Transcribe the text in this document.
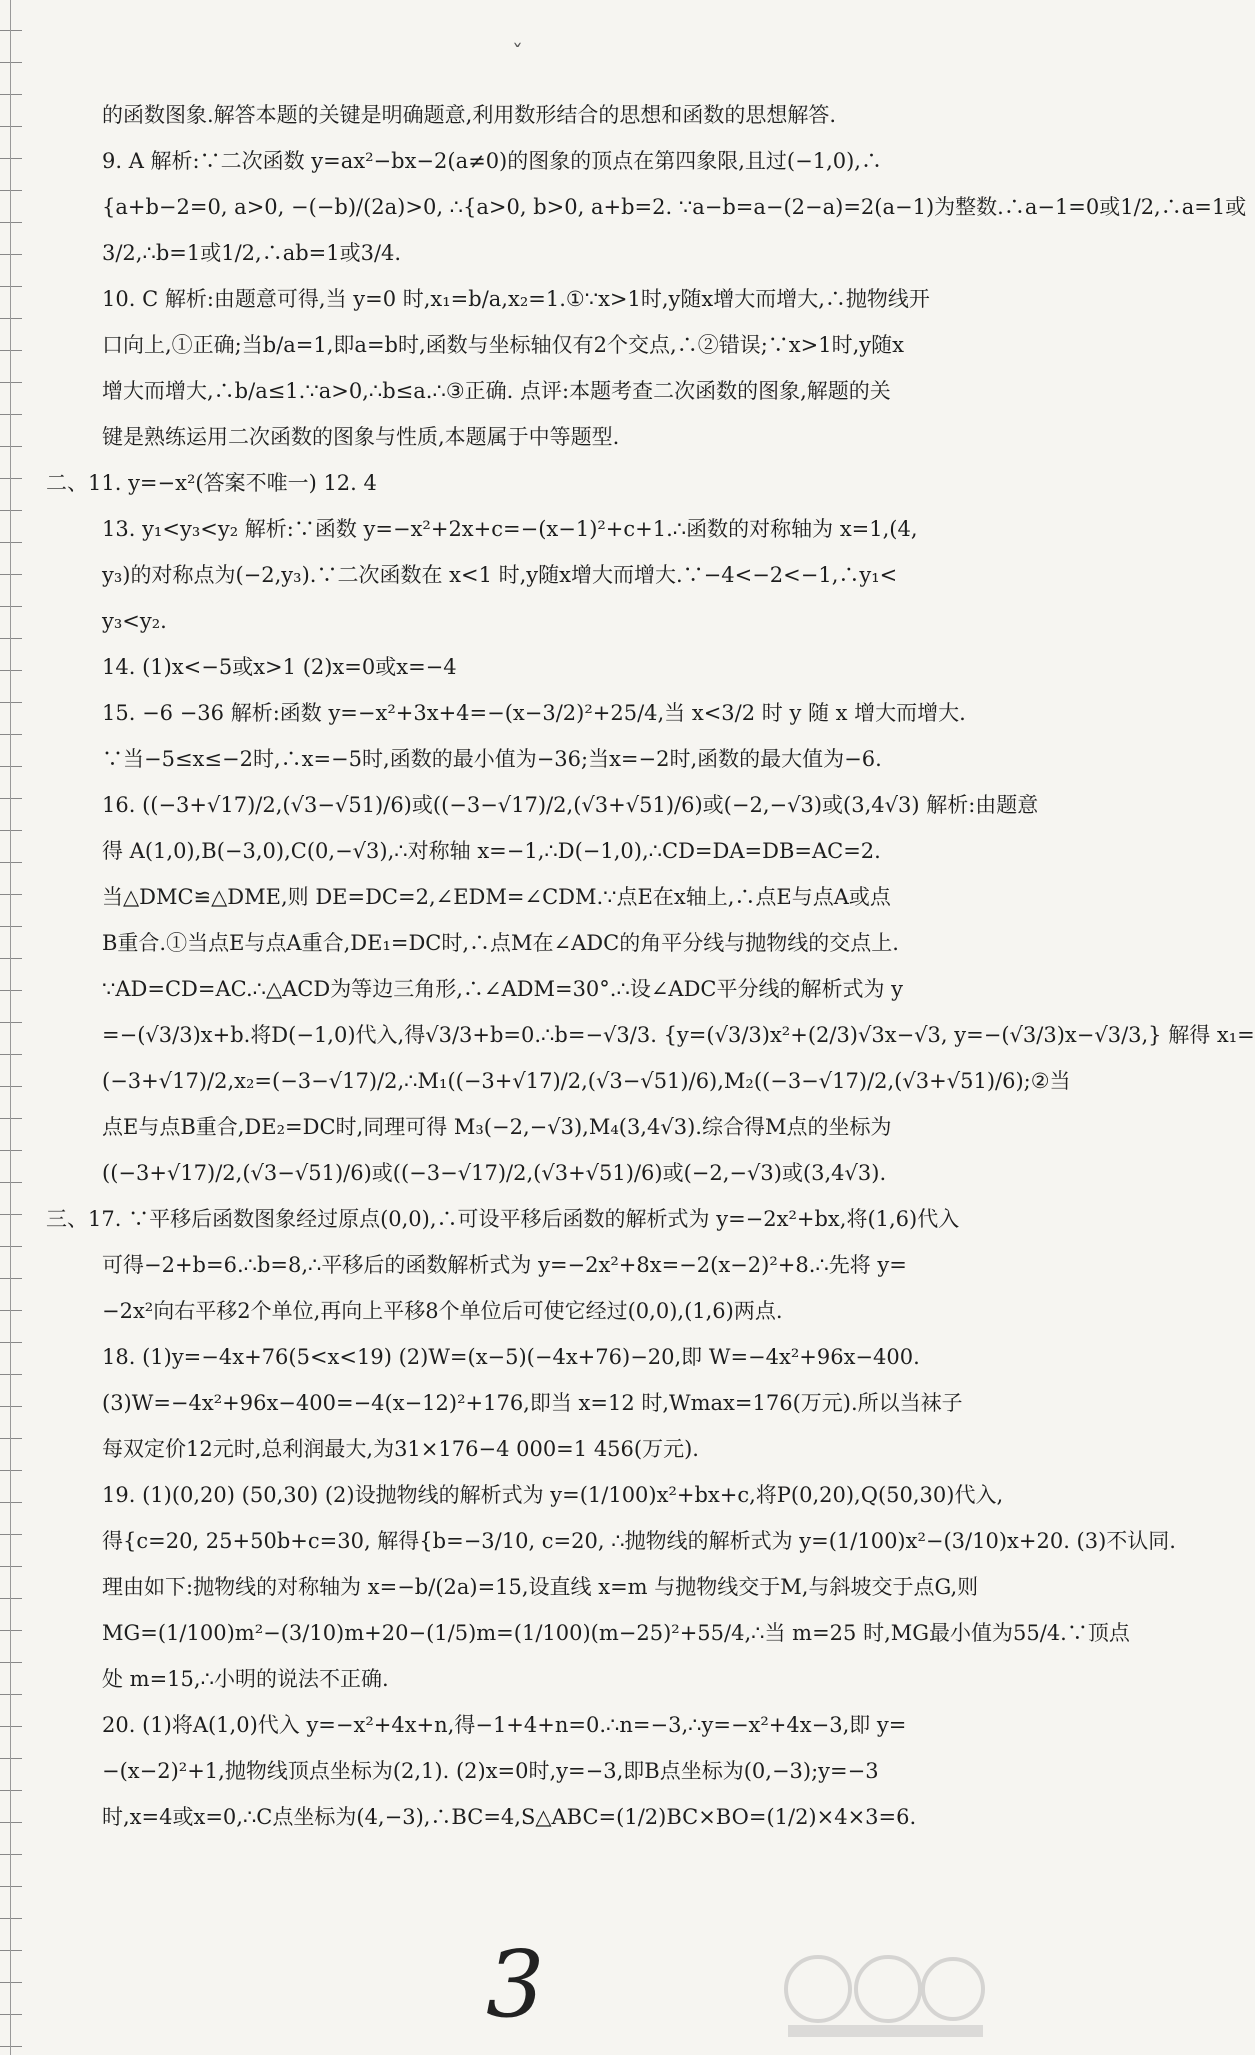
ˇ
的函数图象.解答本题的关键是明确题意,利用数形结合的思想和函数的思想解答.
9. A 解析:∵二次函数 y=ax²−bx−2(a≠0)的图象的顶点在第四象限,且过(−1,0),∴
{a+b−2=0, a>0, −(−b)/(2a)>0, ∴{a>0, b>0, a+b=2. ∵a−b=a−(2−a)=2(a−1)为整数.∴a−1=0或1/2,∴a=1或
3/2,∴b=1或1/2,∴ab=1或3/4.
10. C 解析:由题意可得,当 y=0 时,x₁=b/a,x₂=1.①∵x>1时,y随x增大而增大,∴抛物线开
口向上,①正确;当b/a=1,即a=b时,函数与坐标轴仅有2个交点,∴②错误;∵x>1时,y随x
增大而增大,∴b/a≤1.∵a>0,∴b≤a.∴③正确. 点评:本题考查二次函数的图象,解题的关
键是熟练运用二次函数的图象与性质,本题属于中等题型.
二、11. y=−x²(答案不唯一) 12. 4
13. y₁<y₃<y₂ 解析:∵函数 y=−x²+2x+c=−(x−1)²+c+1.∴函数的对称轴为 x=1,(4,
y₃)的对称点为(−2,y₃).∵二次函数在 x<1 时,y随x增大而增大.∵−4<−2<−1,∴y₁<
y₃<y₂.
14. (1)x<−5或x>1 (2)x=0或x=−4
15. −6 −36 解析:函数 y=−x²+3x+4=−(x−3/2)²+25/4,当 x<3/2 时 y 随 x 增大而增大.
∵当−5≤x≤−2时,∴x=−5时,函数的最小值为−36;当x=−2时,函数的最大值为−6.
16. ((−3+√17)/2,(√3−√51)/6)或((−3−√17)/2,(√3+√51)/6)或(−2,−√3)或(3,4√3) 解析:由题意
得 A(1,0),B(−3,0),C(0,−√3),∴对称轴 x=−1,∴D(−1,0),∴CD=DA=DB=AC=2.
当△DMC≌△DME,则 DE=DC=2,∠EDM=∠CDM.∵点E在x轴上,∴点E与点A或点
B重合.①当点E与点A重合,DE₁=DC时,∴点M在∠ADC的角平分线与抛物线的交点上.
∵AD=CD=AC.∴△ACD为等边三角形,∴∠ADM=30°.∴设∠ADC平分线的解析式为 y
=−(√3/3)x+b.将D(−1,0)代入,得√3/3+b=0.∴b=−√3/3. {y=(√3/3)x²+(2/3)√3x−√3, y=−(√3/3)x−√3/3,} 解得 x₁=
(−3+√17)/2,x₂=(−3−√17)/2,∴M₁((−3+√17)/2,(√3−√51)/6),M₂((−3−√17)/2,(√3+√51)/6);②当
点E与点B重合,DE₂=DC时,同理可得 M₃(−2,−√3),M₄(3,4√3).综合得M点的坐标为
((−3+√17)/2,(√3−√51)/6)或((−3−√17)/2,(√3+√51)/6)或(−2,−√3)或(3,4√3).
三、17. ∵平移后函数图象经过原点(0,0),∴可设平移后函数的解析式为 y=−2x²+bx,将(1,6)代入
可得−2+b=6.∴b=8,∴平移后的函数解析式为 y=−2x²+8x=−2(x−2)²+8.∴先将 y=
−2x²向右平移2个单位,再向上平移8个单位后可使它经过(0,0),(1,6)两点.
18. (1)y=−4x+76(5<x<19) (2)W=(x−5)(−4x+76)−20,即 W=−4x²+96x−400.
(3)W=−4x²+96x−400=−4(x−12)²+176,即当 x=12 时,Wmax=176(万元).所以当袜子
每双定价12元时,总利润最大,为31×176−4 000=1 456(万元).
19. (1)(0,20) (50,30) (2)设抛物线的解析式为 y=(1/100)x²+bx+c,将P(0,20),Q(50,30)代入,
得{c=20, 25+50b+c=30, 解得{b=−3/10, c=20, ∴抛物线的解析式为 y=(1/100)x²−(3/10)x+20. (3)不认同.
理由如下:抛物线的对称轴为 x=−b/(2a)=15,设直线 x=m 与抛物线交于M,与斜坡交于点G,则
MG=(1/100)m²−(3/10)m+20−(1/5)m=(1/100)(m−25)²+55/4,∴当 m=25 时,MG最小值为55/4.∵顶点
处 m=15,∴小明的说法不正确.
20. (1)将A(1,0)代入 y=−x²+4x+n,得−1+4+n=0.∴n=−3,∴y=−x²+4x−3,即 y=
−(x−2)²+1,抛物线顶点坐标为(2,1). (2)x=0时,y=−3,即B点坐标为(0,−3);y=−3
时,x=4或x=0,∴C点坐标为(4,−3),∴BC=4,S△ABC=(1/2)BC×BO=(1/2)×4×3=6.
3
